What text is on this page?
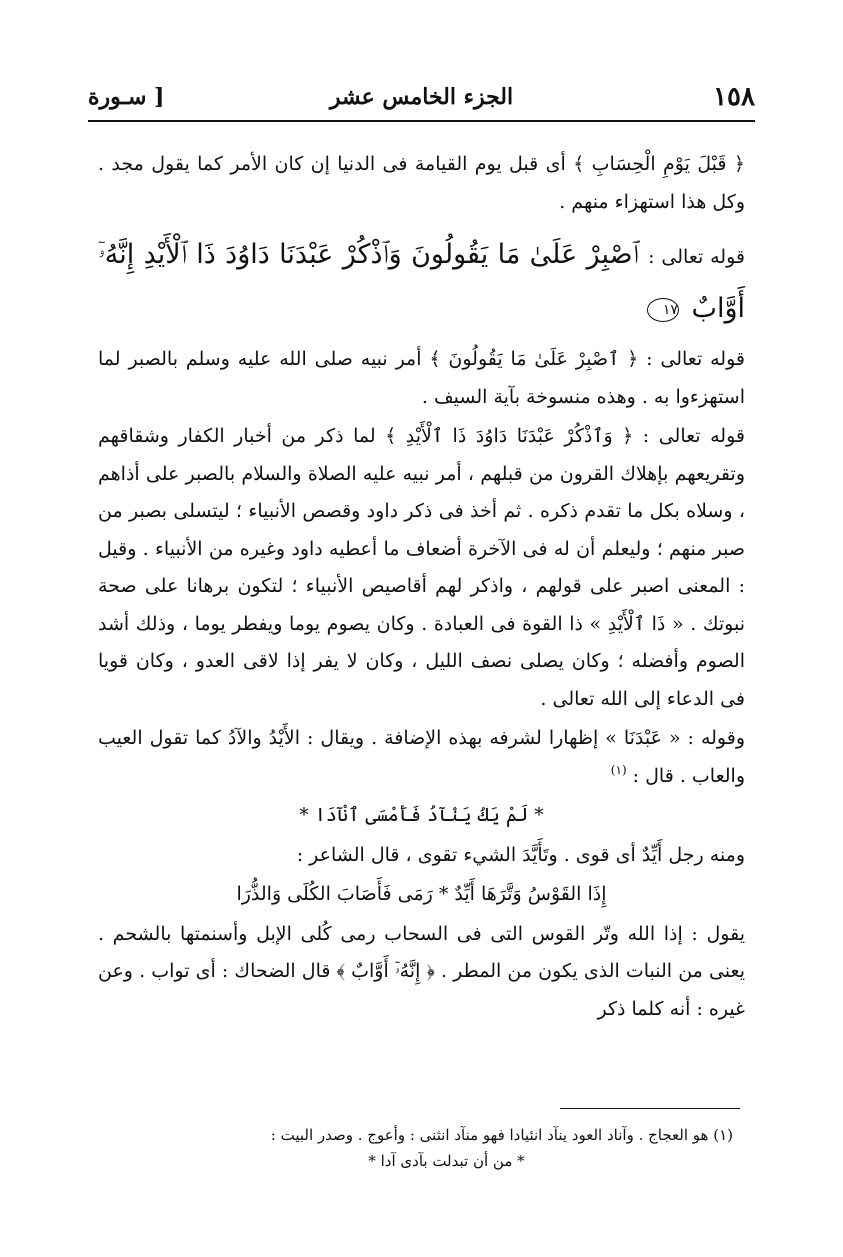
١٥٨
الجزء الخامس عشر
[ سـورة

﴿ قَبْلَ يَوْمِ الْحِسَابِ ﴾ أى قبل يوم القيامة فى الدنيا إن كان الأمر كما يقول مجد . وكل هذا استهزاء منهم .

قوله تعالى : ٱصْبِرْ عَلَىٰ مَا يَقُولُونَ وَٱذْكُرْ عَبْدَنَا دَاوُدَ ذَا ٱلْأَيْدِ إِنَّهُۥٓ أَوَّابٌ ١٧

قوله تعالى : ﴿ ٱصْبِرْ عَلَىٰ مَا يَقُولُونَ ﴾ أمر نبيه صلى الله عليه وسلم بالصبر لما استهزءوا به . وهذه منسوخة بآية السيف .

قوله تعالى : ﴿ وَٱذْكُرْ عَبْدَنَا دَاوُدَ ذَا ٱلْأَيْدِ ﴾ لما ذكر من أخبار الكفار وشقاقهم وتقريعهم بإهلاك القرون من قبلهم ، أمر نبيه عليه الصلاة والسلام بالصبر على أذاهم ، وسلاه بكل ما تقدم ذكره . ثم أخذ فى ذكر داود وقصص الأنبياء ؛ ليتسلى بصبر من صبر منهم ؛ وليعلم أن له فى الآخرة أضعاف ما أعطيه داود وغيره من الأنبياء . وقيل : المعنى اصبر على قولهم ، واذكر لهم أقاصيص الأنبياء ؛ لتكون برهانا على صحة نبوتك . « ذَا ٱلْأَيْدِ » ذا القوة فى العبادة . وكان يصوم يوما ويفطر يوما ، وذلك أشد الصوم وأفضله ؛ وكان يصلى نصف الليل ، وكان لا يفر إذا لاقى العدو ، وكان قويا فى الدعاء إلى الله تعالى .

وقوله : « عَبْدَنَا » إظهارا لشرفه بهذه الإضافة . ويقال : الأَيْدُ والآدُ كما تقول العيب والعاب . قال : (١)

* لَمْ يَكُ يَنْآدُ فَأَمْسَى ٱنْآدَا *

ومنه رجل أَيِّدٌ أى قوى . وتَأَيَّدَ الشيء تقوى ، قال الشاعر :

إِذَا القَوْسُ وَتَّرَهَا أَيِّدٌ * رَمَى فَأَصَابَ الكُلَى وَالذُّرَا

يقول : إذا الله وتّر القوس التى فى السحاب رمى كُلى الإبل وأسنمتها بالشحم . يعنى من النبات الذى يكون من المطر . ﴿ إِنَّهُۥٓ أَوَّابٌ ﴾ قال الضحاك : أى تواب . وعن غيره : أنه كلما ذكر

(١) هو العجاج . وآناد العود ينآد انئيادا فهو منآد انثنى : وأعوج . وصدر البيت :

* من أن تبدلت بآدى آدا *
